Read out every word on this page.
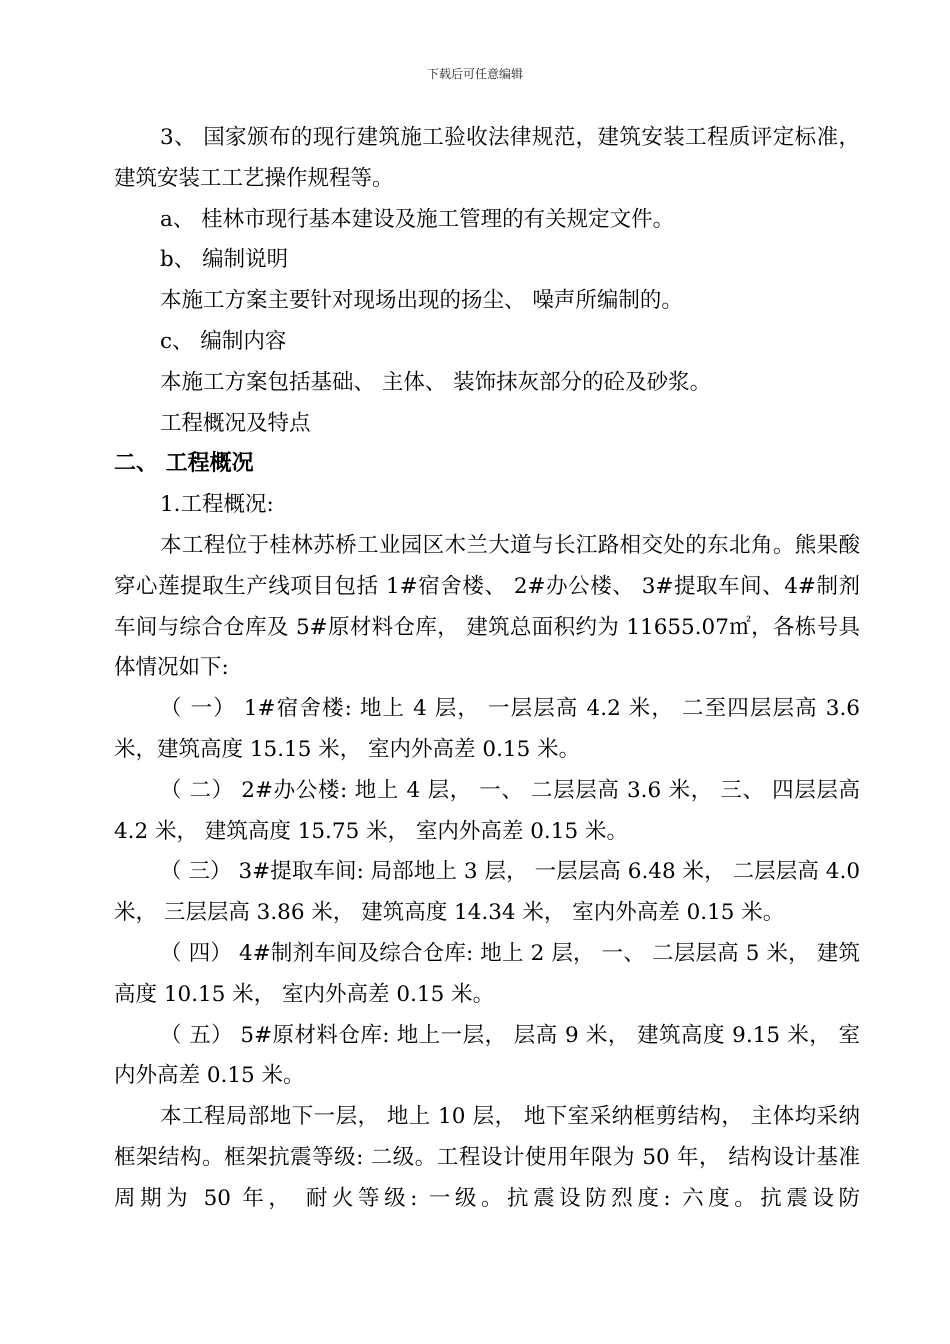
下载后可任意编辑

3、 国家颁布的现行建筑施工验收法律规范，建筑安装工程质评定标准，建筑安装工工艺操作规程等。

a、 桂林市现行基本建设及施工管理的有关规定文件。

b、 编制说明

本施工方案主要针对现场出现的扬尘、 噪声所编制的。

c、 编制内容

本施工方案包括基础、 主体、 装饰抹灰部分的砼及砂浆。

工程概况及特点

二、 工程概况

1.工程概况:

本工程位于桂林苏桥工业园区木兰大道与长江路相交处的东北角。熊果酸穿心莲提取生产线项目包括 1#宿舍楼、 2#办公楼、 3#提取车间、4#制剂车间与综合仓库及 5#原材料仓库， 建筑总面积约为 11655.07㎡，各栋号具体情况如下:

（ 一） 1#宿舍楼: 地上 4 层， 一层层高 4.2 米， 二至四层层高 3.6 米，建筑高度 15.15 米， 室内外高差 0.15 米。

（ 二） 2#办公楼: 地上 4 层， 一、 二层层高 3.6 米， 三、 四层层高4.2 米， 建筑高度 15.75 米， 室内外高差 0.15 米。

（ 三） 3#提取车间: 局部地上 3 层， 一层层高 6.48 米， 二层层高 4.0米， 三层层高 3.86 米， 建筑高度 14.34 米， 室内外高差 0.15 米。

（ 四） 4#制剂车间及综合仓库: 地上 2 层， 一、 二层层高 5 米， 建筑高度 10.15 米， 室内外高差 0.15 米。

（ 五） 5#原材料仓库: 地上一层， 层高 9 米， 建筑高度 9.15 米， 室内外高差 0.15 米。

本工程局部地下一层， 地上 10 层， 地下室采纳框剪结构， 主体均采纳框架结构。框架抗震等级: 二级。工程设计使用年限为 50 年， 结构设计基准周期为 50 年， 耐火等级: 一级。抗震设防烈度: 六度。抗震设防
